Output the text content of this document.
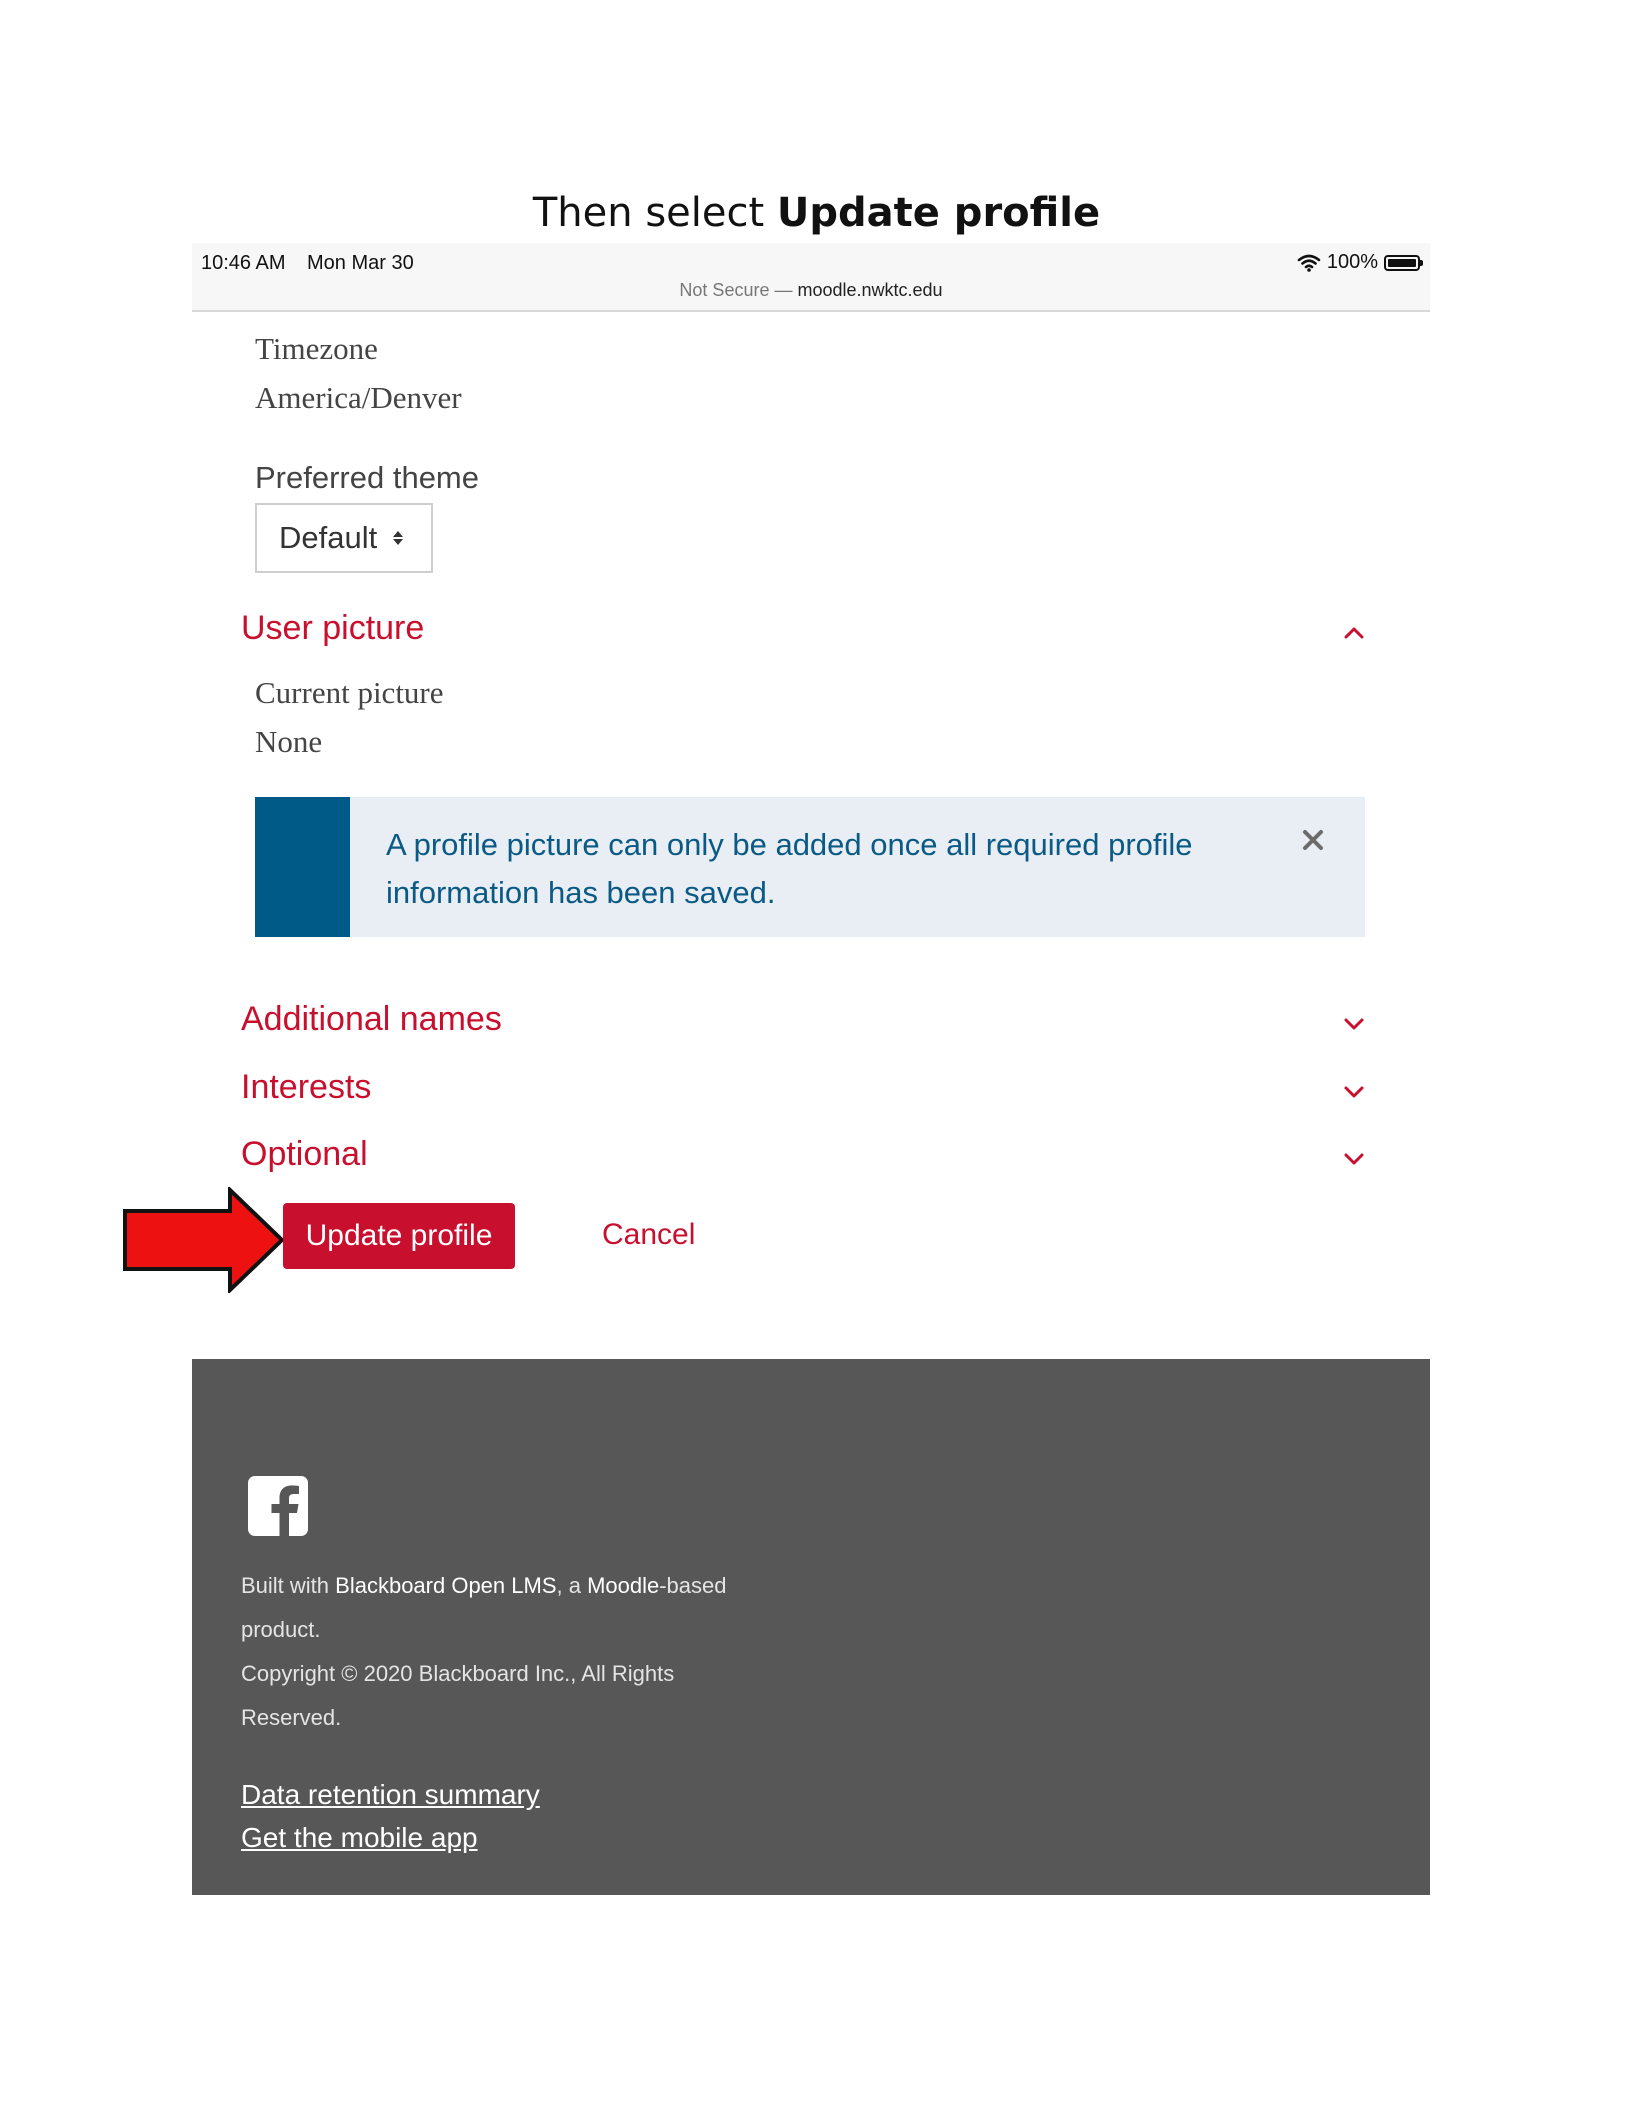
Then select Update profile
10:46 AM Mon Mar 30	100%
Not Secure — moodle.nwktc.edu
Timezone
America/Denver
Preferred theme
Default
User picture
Current picture
None
A profile picture can only be added once all required profile information has been saved.
Additional names
Interests
Optional
Update profile	Cancel
Built with Blackboard Open LMS, a Moodle-based product.
Copyright © 2020 Blackboard Inc., All Rights Reserved.
Data retention summary
Get the mobile app
